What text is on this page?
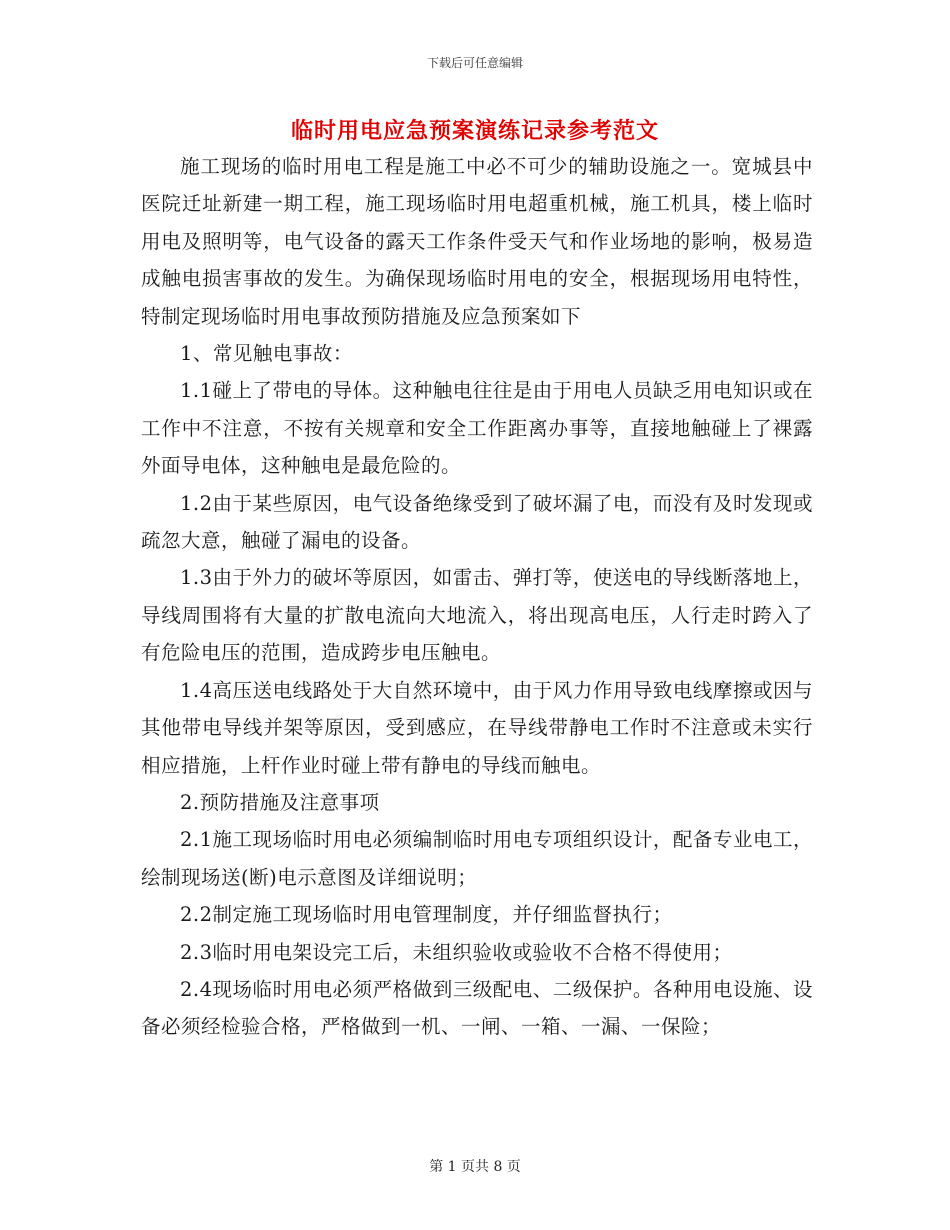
下载后可任意编辑
临时用电应急预案演练记录参考范文

施工现场的临时用电工程是施工中必不可少的辅助设施之一。宽城县中医院迁址新建一期工程，施工现场临时用电超重机械，施工机具，楼上临时用电及照明等，电气设备的露天工作条件受天气和作业场地的影响，极易造成触电损害事故的发生。为确保现场临时用电的安全，根据现场用电特性，特制定现场临时用电事故预防措施及应急预案如下

1、常见触电事故：

1.1碰上了带电的导体。这种触电往往是由于用电人员缺乏用电知识或在工作中不注意，不按有关规章和安全工作距离办事等，直接地触碰上了裸露外面导电体，这种触电是最危险的。

1.2由于某些原因，电气设备绝缘受到了破坏漏了电，而没有及时发现或疏忽大意，触碰了漏电的设备。

1.3由于外力的破坏等原因，如雷击、弹打等，使送电的导线断落地上，导线周围将有大量的扩散电流向大地流入，将出现高电压，人行走时跨入了有危险电压的范围，造成跨步电压触电。

1.4高压送电线路处于大自然环境中，由于风力作用导致电线摩擦或因与其他带电导线并架等原因，受到感应，在导线带静电工作时不注意或未实行相应措施，上杆作业时碰上带有静电的导线而触电。

2.预防措施及注意事项

2.1施工现场临时用电必须编制临时用电专项组织设计，配备专业电工，绘制现场送(断)电示意图及详细说明；

2.2制定施工现场临时用电管理制度，并仔细监督执行；

2.3临时用电架设完工后，未组织验收或验收不合格不得使用；

2.4现场临时用电必须严格做到三级配电、二级保护。各种用电设施、设备必须经检验合格，严格做到一机、一闸、一箱、一漏、一保险；

第 1 页共 8 页
